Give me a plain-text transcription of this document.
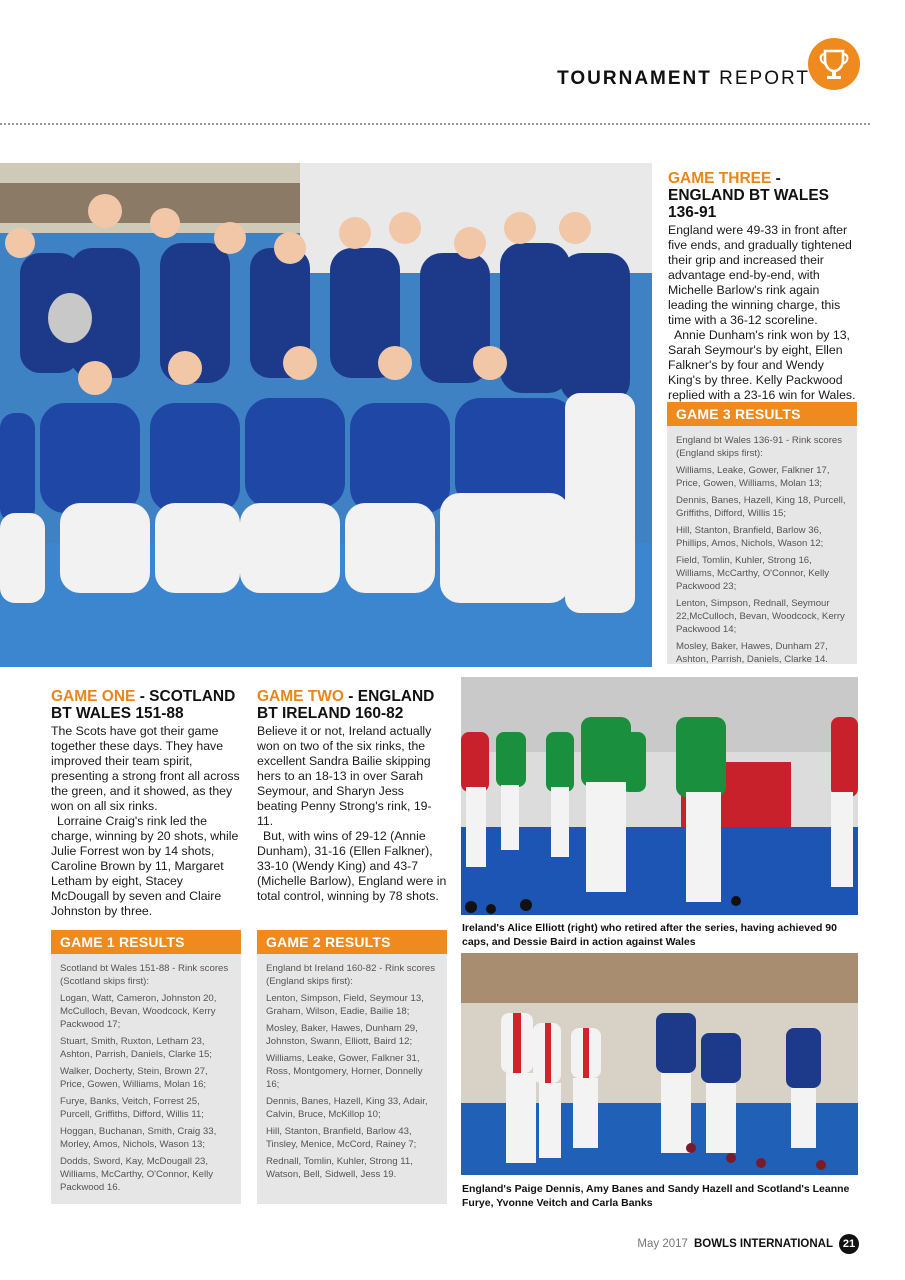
TOURNAMENT REPORT
GAME THREE - ENGLAND BT WALES 136-91

England were 49-33 in front after five ends, and gradually tightened their grip and increased their advantage end-by-end, with Michelle Barlow's rink again leading the winning charge, this time with a 36-12 scoreline.

Annie Dunham's rink won by 13, Sarah Seymour's by eight, Ellen Falkner's by four and Wendy King's by three. Kelly Packwood replied with a 23-16 win for Wales.

GAME 3 RESULTS
England bt Wales 136-91 - Rink scores (England skips first):
Williams, Leake, Gower, Falkner 17, Price, Gowen, Williams, Molan 13;
Dennis, Banes, Hazell, King 18, Purcell, Griffiths, Difford, Willis 15;
Hill, Stanton, Branfield, Barlow 36, Phillips, Amos, Nichols, Wason 12;
Field, Tomlin, Kuhler, Strong 16, Williams, McCarthy, O'Connor, Kelly Packwood 23;
Lenton, Simpson, Rednall, Seymour 22,McCulloch, Bevan, Woodcock, Kerry Packwood 14;
Mosley, Baker, Hawes, Dunham 27, Ashton, Parrish, Daniels, Clarke 14.
GAME ONE - SCOTLAND BT WALES 151-88

The Scots have got their game together these days. They have improved their team spirit, presenting a strong front all across the green, and it showed, as they won on all six rinks.

Lorraine Craig's rink led the charge, winning by 20 shots, while Julie Forrest won by 14 shots, Caroline Brown by 11, Margaret Letham by eight, Stacey McDougall by seven and Claire Johnston by three.

GAME TWO - ENGLAND BT IRELAND 160-82

Believe it or not, Ireland actually won on two of the six rinks, the excellent Sandra Bailie skipping hers to an 18-13 in over Sarah Seymour, and Sharyn Jess beating Penny Strong's rink, 19-11.

But, with wins of 29-12 (Annie Dunham), 31-16 (Ellen Falkner), 33-10 (Wendy King) and 43-7 (Michelle Barlow), England were in total control, winning by 78 shots.

GAME 1 RESULTS
Scotland bt Wales 151-88 - Rink scores (Scotland skips first):
Logan, Watt, Cameron, Johnston 20, McCulloch, Bevan, Woodcock, Kerry Packwood 17;
Stuart, Smith, Ruxton, Letham 23, Ashton, Parrish, Daniels, Clarke 15;
Walker, Docherty, Stein, Brown 27, Price, Gowen, Williams, Molan 16;
Furye, Banks, Veitch, Forrest 25, Purcell, Griffiths, Difford, Willis 11;
Hoggan, Buchanan, Smith, Craig 33, Morley, Amos, Nichols, Wason 13;
Dodds, Sword, Kay, McDougall 23, Williams, McCarthy, O'Connor, Kelly Packwood 16.
GAME 2 RESULTS
England bt Ireland 160-82 - Rink scores (England skips first):
Lenton, Simpson, Field, Seymour 13, Graham, Wilson, Eadie, Bailie 18;
Mosley, Baker, Hawes, Dunham 29, Johnston, Swann, Elliott, Baird 12;
Williams, Leake, Gower, Falkner 31, Ross, Montgomery, Horner, Donnelly 16;
Dennis, Banes, Hazell, King 33, Adair, Calvin, Bruce, McKillop 10;
Hill, Stanton, Branfield, Barlow 43, Tinsley, Menice, McCord, Rainey 7;
Rednall, Tomlin, Kuhler, Strong 11, Watson, Bell, Sidwell, Jess 19.
Ireland's Alice Elliott (right) who retired after the series, having achieved 90 caps, and Dessie Baird in action against Wales
England's Paige Dennis, Amy Banes and Sandy Hazell and Scotland's Leanne Furye, Yvonne Veitch and Carla Banks
May 2017 BOWLS INTERNATIONAL 21
